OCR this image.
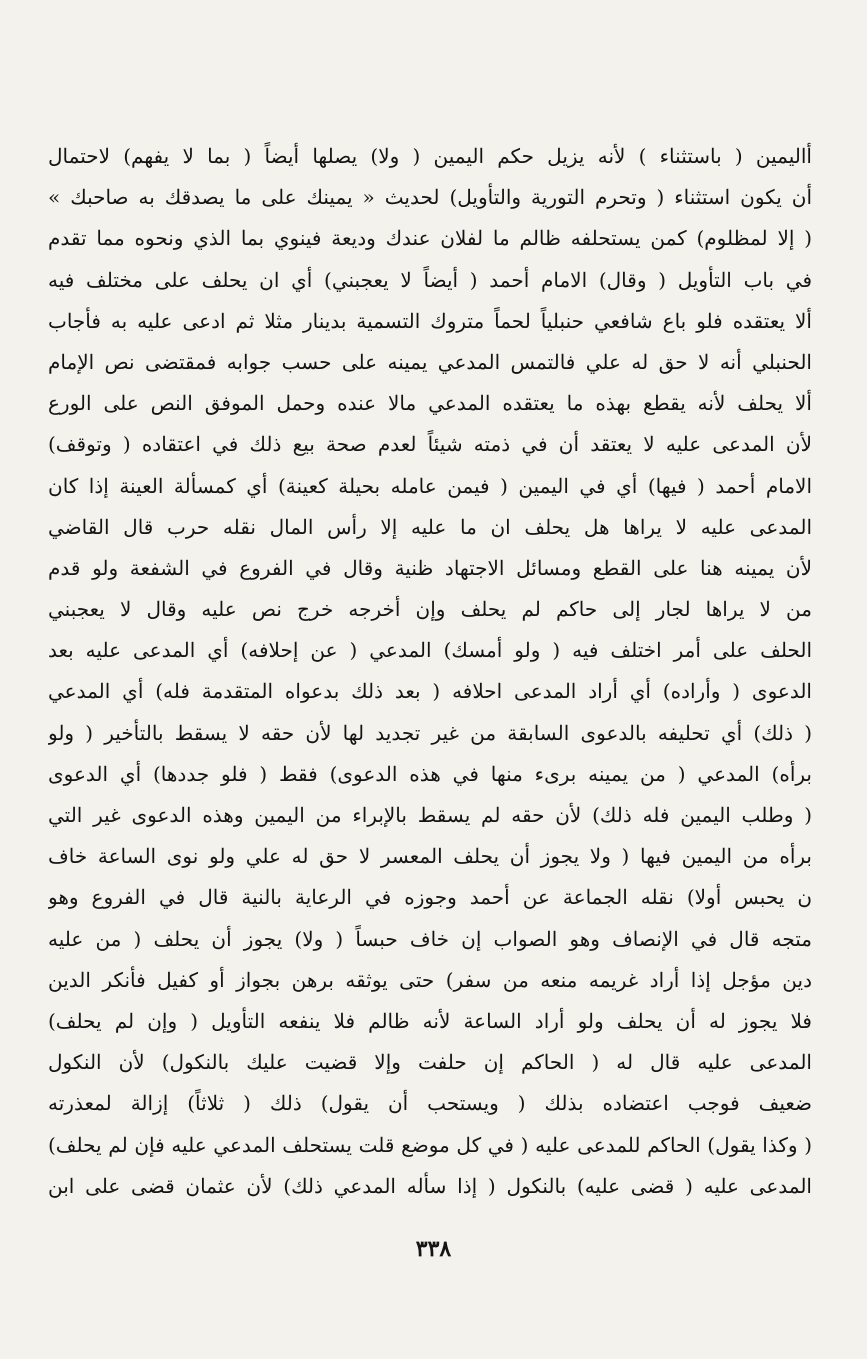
أاليمين ( باستثناء ) لأنه يزيل حكم اليمين ( ولا) يصلها أيضاً ( بما لا يفهم) لاحتمال
أن يكون استثناء ( وتحرم التورية والتأويل) لحديث « يمينك على ما يصدقك به صاحبك »
( إلا لمظلوم) كمن يستحلفه ظالم ما لفلان عندك وديعة فينوي بما الذي ونحوه مما تقدم
في باب التأويل ( وقال) الامام أحمد ( أيضاً لا يعجبني) أي ان يحلف على مختلف فيه
ألا يعتقده فلو باع شافعي حنبلياً لحماً متروك التسمية بدينار مثلا ثم ادعى عليه به فأجاب
الحنبلي أنه لا حق له علي فالتمس المدعي يمينه على حسب جوابه فمقتضى نص الإمام
ألا يحلف لأنه يقطع بهذه ما يعتقده المدعي مالا عنده وحمل الموفق النص على الورع
لأن المدعى عليه لا يعتقد أن في ذمته شيئاً لعدم صحة بيع ذلك في اعتقاده ( وتوقف)
الامام أحمد ( فيها) أي في اليمين ( فيمن عامله بحيلة كعينة) أي كمسألة العينة إذا كان
المدعى عليه لا يراها هل يحلف ان ما عليه إلا رأس المال نقله حرب قال القاضي
لأن يمينه هنا على القطع ومسائل الاجتهاد ظنية وقال في الفروع في الشفعة ولو قدم
من لا يراها لجار إلى حاكم لم يحلف وإن أخرجه خرج نص عليه وقال لا يعجبني
الحلف على أمر اختلف فيه ( ولو أمسك) المدعي ( عن إحلافه) أي المدعى عليه بعد
الدعوى ( وأراده) أي أراد المدعى احلافه ( بعد ذلك بدعواه المتقدمة فله) أي المدعي
( ذلك) أي تحليفه بالدعوى السابقة من غير تجديد لها لأن حقه لا يسقط بالتأخير ( ولو
برأه) المدعي ( من يمينه برىء منها في هذه الدعوى) فقط ( فلو جددها) أي الدعوى
( وطلب اليمين فله ذلك) لأن حقه لم يسقط بالإبراء من اليمين وهذه الدعوى غير التي
برأه من اليمين فيها ( ولا يجوز أن يحلف المعسر لا حق له علي ولو نوى الساعة خاف
ن يحبس أولا) نقله الجماعة عن أحمد وجوزه في الرعاية بالنية قال في الفروع وهو
متجه قال في الإنصاف وهو الصواب إن خاف حبساً ( ولا) يجوز أن يحلف ( من عليه
دين مؤجل إذا أراد غريمه منعه من سفر) حتى يوثقه برهن بجواز أو كفيل فأنكر الدين
فلا يجوز له أن يحلف ولو أراد الساعة لأنه ظالم فلا ينفعه التأويل ( وإن لم يحلف)
المدعى عليه قال له ( الحاكم إن حلفت وإلا قضيت عليك بالنكول) لأن النكول
ضعيف فوجب اعتضاده بذلك ( ويستحب أن يقول) ذلك ( ثلاثاً) إزالة لمعذرته
( وكذا يقول) الحاكم للمدعى عليه ( في كل موضع قلت يستحلف المدعي عليه فإن لم يحلف)
المدعى عليه ( قضى عليه) بالنكول ( إذا سأله المدعي ذلك) لأن عثمان قضى على ابن
٣٣٨
